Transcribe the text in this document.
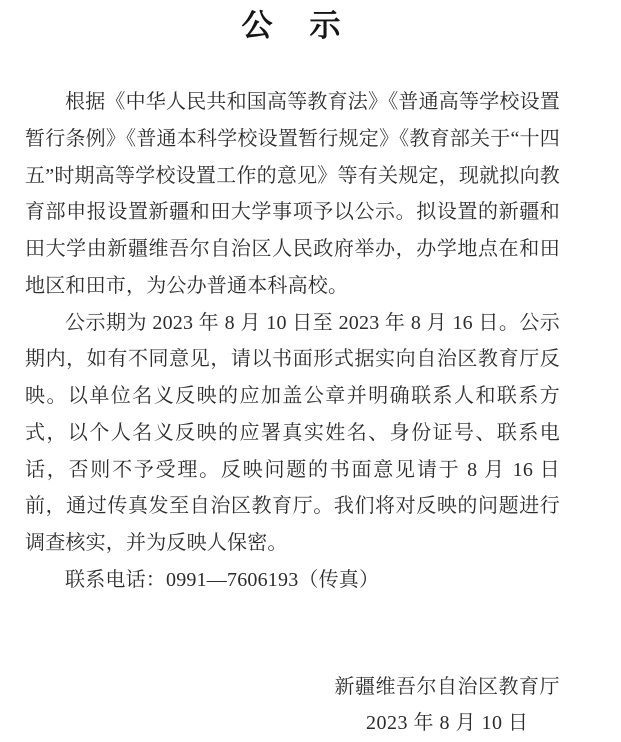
公　示

根据《中华人民共和国高等教育法》《普通高等学校设置暂行条例》《普通本科学校设置暂行规定》《教育部关于“十四五”时期高等学校设置工作的意见》等有关规定，现就拟向教育部申报设置新疆和田大学事项予以公示。拟设置的新疆和田大学由新疆维吾尔自治区人民政府举办，办学地点在和田地区和田市，为公办普通本科高校。

公示期为 2023 年 8 月 10 日至 2023 年 8 月 16 日。公示期内，如有不同意见，请以书面形式据实向自治区教育厅反映。以单位名义反映的应加盖公章并明确联系人和联系方式，以个人名义反映的应署真实姓名、身份证号、联系电话，否则不予受理。反映问题的书面意见请于 8 月 16 日前，通过传真发至自治区教育厅。我们将对反映的问题进行调查核实，并为反映人保密。

联系电话：0991—7606193（传真）

新疆维吾尔自治区教育厅
2023 年 8 月 10 日
